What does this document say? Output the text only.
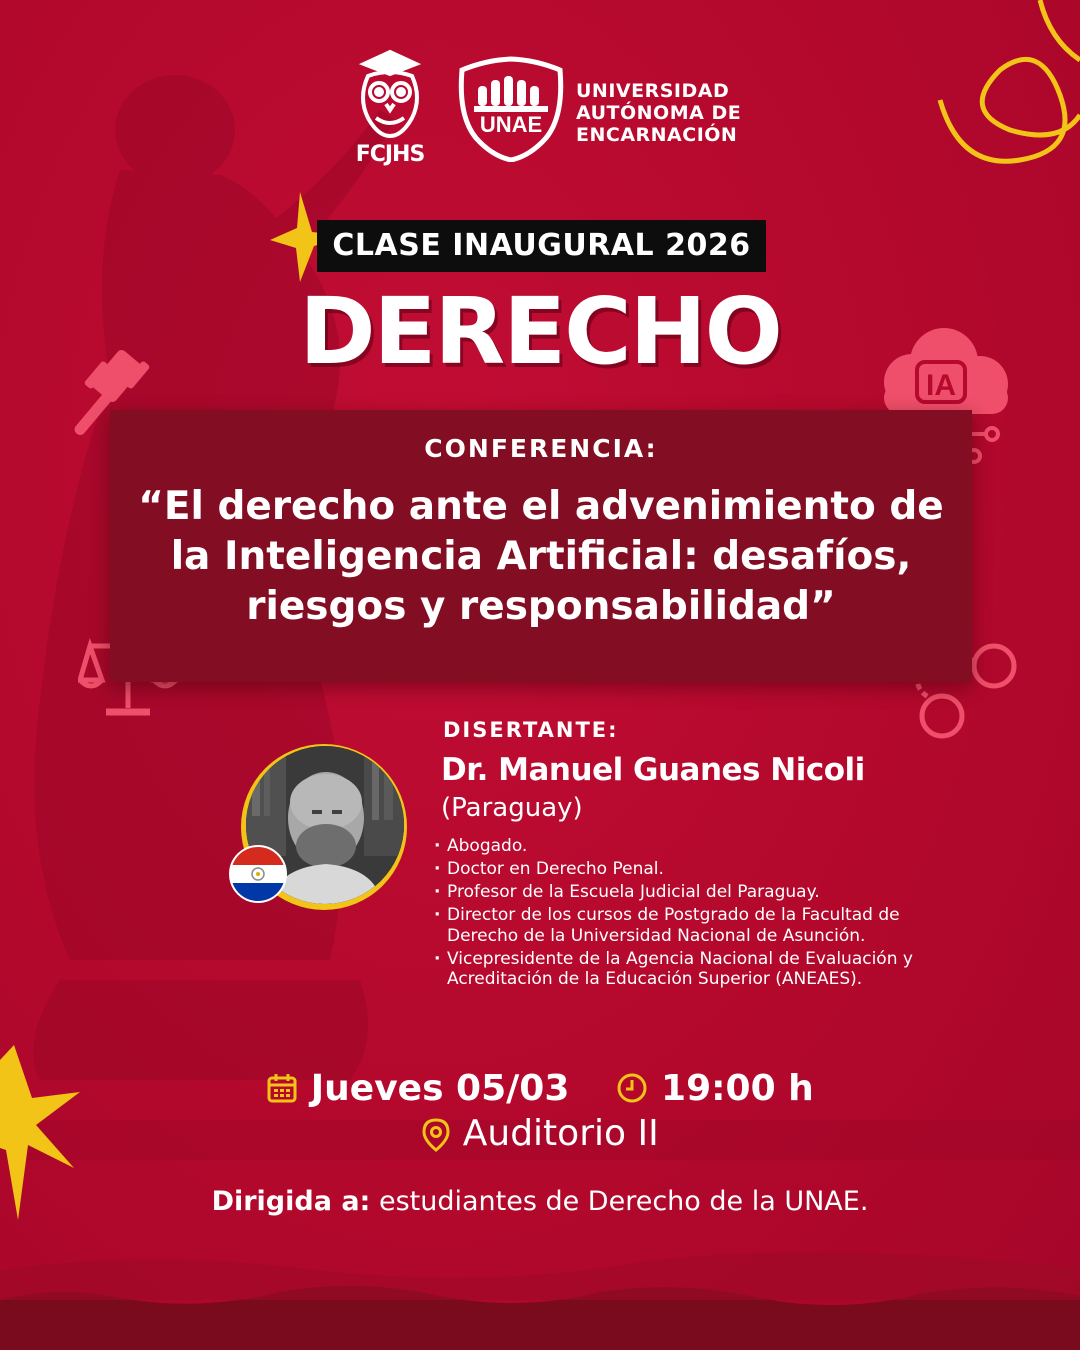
IA
FCJHS
UNAE
UNIVERSIDAD
AUTÓNOMA DE
ENCARNACIÓN
CLASE INAUGURAL 2026
DERECHO
CONFERENCIA:
“El derecho ante el advenimiento de la Inteligencia Artificial: desafíos, riesgos y responsabilidad”
DISERTANTE:
Dr. Manuel Guanes Nicoli
(Paraguay)
· Abogado.
· Doctor en Derecho Penal.
· Profesor de la Escuela Judicial del Paraguay.
· Director de los cursos de Postgrado de la Facultad de Derecho de la Universidad Nacional de Asunción.
· Vicepresidente de la Agencia Nacional de Evaluación y Acreditación de la Educación Superior (ANEAES).
Jueves 05/03	19:00 h
Auditorio II
Dirigida a: estudiantes de Derecho de la UNAE.
